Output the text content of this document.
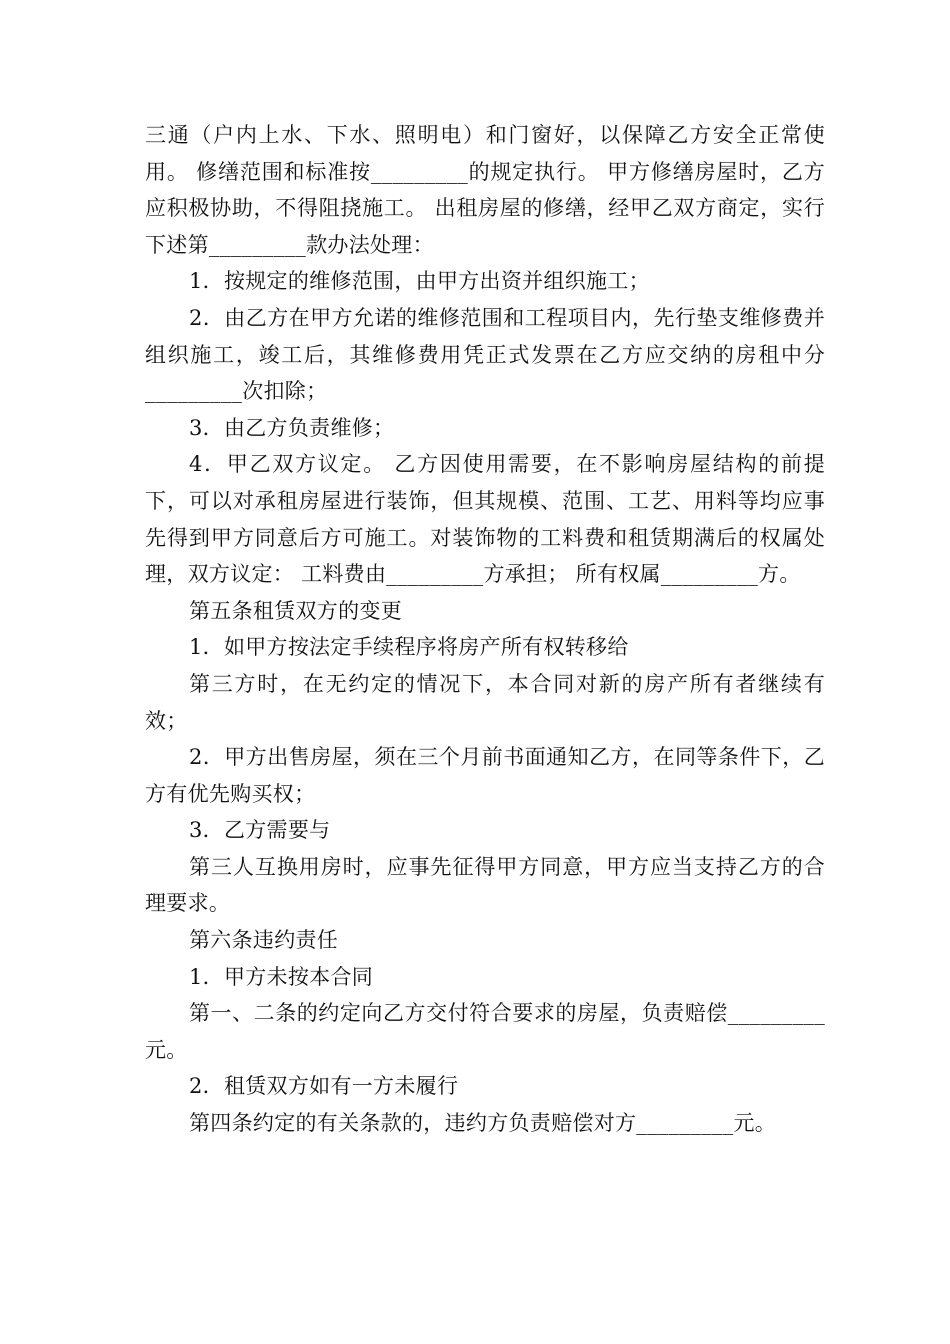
三通（户内上水、下水、照明电）和门窗好，以保障乙方安全正常使用。 修缮范围和标准按_________的规定执行。 甲方修缮房屋时，乙方应积极协助，不得阻挠施工。 出租房屋的修缮，经甲乙双方商定，实行下述第_________款办法处理：

1．按规定的维修范围，由甲方出资并组织施工；

2．由乙方在甲方允诺的维修范围和工程项目内，先行垫支维修费并组织施工，竣工后，其维修费用凭正式发票在乙方应交纳的房租中分_________次扣除；

3．由乙方负责维修；

4．甲乙双方议定。 乙方因使用需要，在不影响房屋结构的前提下，可以对承租房屋进行装饰，但其规模、范围、工艺、用料等均应事先得到甲方同意后方可施工。对装饰物的工料费和租赁期满后的权属处理，双方议定： 工料费由_________方承担； 所有权属_________方。

第五条租赁双方的变更

1．如甲方按法定手续程序将房产所有权转移给

第三方时，在无约定的情况下，本合同对新的房产所有者继续有效；

2．甲方出售房屋，须在三个月前书面通知乙方，在同等条件下，乙方有优先购买权；

3．乙方需要与

第三人互换用房时，应事先征得甲方同意，甲方应当支持乙方的合理要求。

第六条违约责任

1．甲方未按本合同

第一、二条的约定向乙方交付符合要求的房屋，负责赔偿_________元。

2．租赁双方如有一方未履行

第四条约定的有关条款的，违约方负责赔偿对方_________元。
